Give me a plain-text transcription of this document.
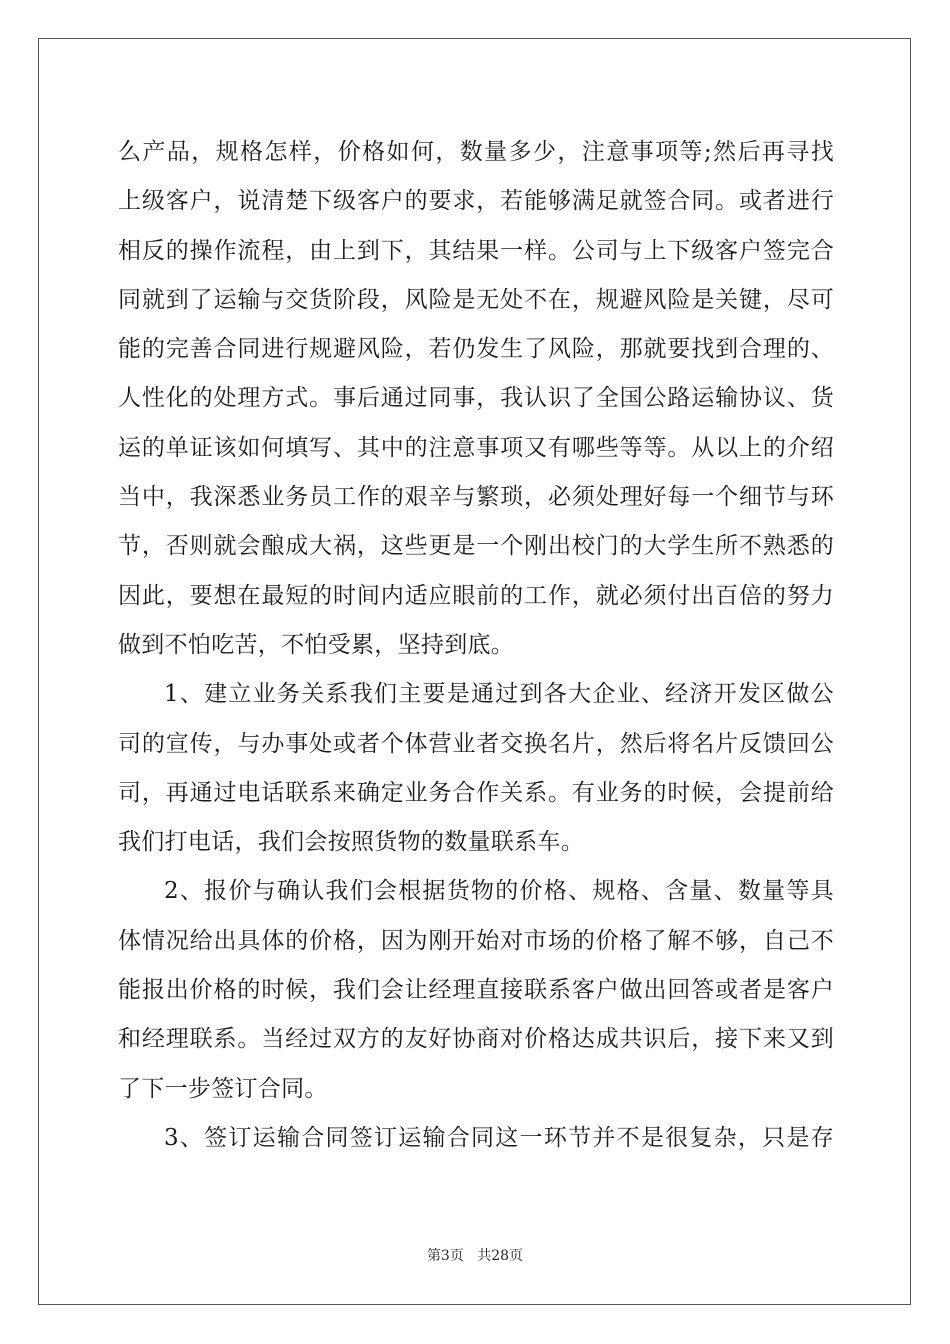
么产品，规格怎样，价格如何，数量多少，注意事项等;然后再寻找
上级客户，说清楚下级客户的要求，若能够满足就签合同。或者进行
相反的操作流程，由上到下，其结果一样。公司与上下级客户签完合
同就到了运输与交货阶段，风险是无处不在，规避风险是关键，尽可
能的完善合同进行规避风险，若仍发生了风险，那就要找到合理的、
人性化的处理方式。事后通过同事，我认识了全国公路运输协议、货
运的单证该如何填写、其中的注意事项又有哪些等等。从以上的介绍
当中，我深悉业务员工作的艰辛与繁琐，必须处理好每一个细节与环
节，否则就会酿成大祸，这些更是一个刚出校门的大学生所不熟悉的
因此，要想在最短的时间内适应眼前的工作，就必须付出百倍的努力
做到不怕吃苦，不怕受累，坚持到底。
1、建立业务关系我们主要是通过到各大企业、经济开发区做公
司的宣传，与办事处或者个体营业者交换名片，然后将名片反馈回公
司，再通过电话联系来确定业务合作关系。有业务的时候，会提前给
我们打电话，我们会按照货物的数量联系车。
2、报价与确认我们会根据货物的价格、规格、含量、数量等具
体情况给出具体的价格，因为刚开始对市场的价格了解不够，自己不
能报出价格的时候，我们会让经理直接联系客户做出回答或者是客户
和经理联系。当经过双方的友好协商对价格达成共识后，接下来又到
了下一步签订合同。
3、签订运输合同签订运输合同这一环节并不是很复杂，只是存
第3页 共28页
